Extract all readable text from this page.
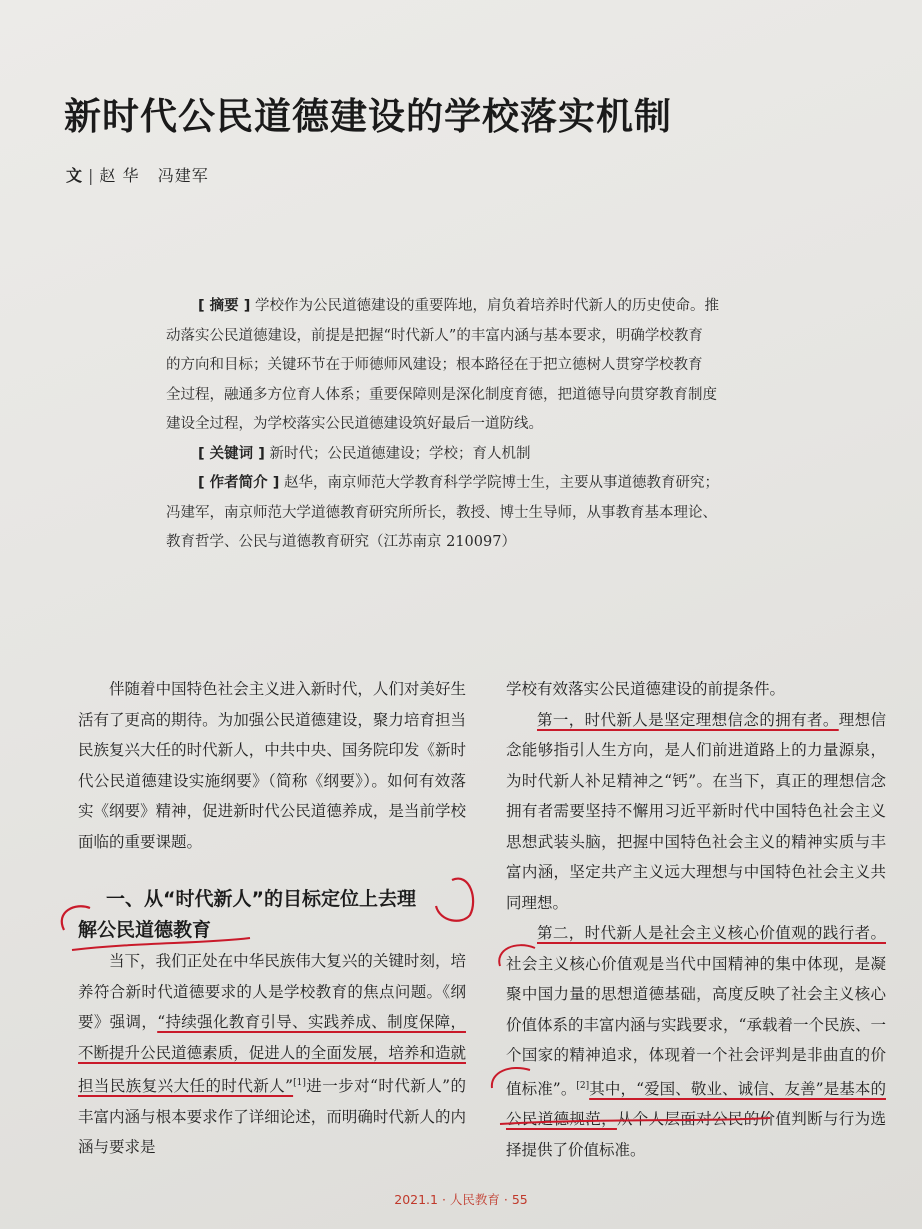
新时代公民道德建设的学校落实机制
文 | 赵 华   冯建军

[ 摘要 ] 学校作为公民道德建设的重要阵地，肩负着培养时代新人的历史使命。推

动落实公民道德建设，前提是把握“时代新人”的丰富内涵与基本要求，明确学校教育

的方向和目标；关键环节在于师德师风建设；根本路径在于把立德树人贯穿学校教育

全过程，融通多方位育人体系；重要保障则是深化制度育德，把道德导向贯穿教育制度

建设全过程，为学校落实公民道德建设筑好最后一道防线。

[ 关键词 ] 新时代；公民道德建设；学校；育人机制

[ 作者简介 ] 赵华，南京师范大学教育科学学院博士生，主要从事道德教育研究；

冯建军，南京师范大学道德教育研究所所长，教授、博士生导师，从事教育基本理论、

教育哲学、公民与道德教育研究（江苏南京 210097）

伴随着中国特色社会主义进入新时代，人们对美好生活有了更高的期待。为加强公民道德建设，聚力培育担当民族复兴大任的时代新人，中共中央、国务院印发《新时代公民道德建设实施纲要》（简称《纲要》）。如何有效落实《纲要》精神，促进新时代公民道德养成，是当前学校面临的重要课题。

一、从“时代新人”的目标定位上去理
解公民道德教育

当下，我们正处在中华民族伟大复兴的关键时刻，培养符合新时代道德要求的人是学校教育的焦点问题。《纲要》强调，“持续强化教育引导、实践养成、制度保障，不断提升公民道德素质，促进人的全面发展，培养和造就担当民族复兴大任的时代新人”[1]进一步对“时代新人”的丰富内涵与根本要求作了详细论述，而明确时代新人的内涵与要求是

学校有效落实公民道德建设的前提条件。

第一，时代新人是坚定理想信念的拥有者。理想信念能够指引人生方向，是人们前进道路上的力量源泉，为时代新人补足精神之“钙”。在当下，真正的理想信念拥有者需要坚持不懈用习近平新时代中国特色社会主义思想武装头脑，把握中国特色社会主义的精神实质与丰富内涵，坚定共产主义远大理想与中国特色社会主义共同理想。

第二，时代新人是社会主义核心价值观的践行者。社会主义核心价值观是当代中国精神的集中体现，是凝聚中国力量的思想道德基础，高度反映了社会主义核心价值体系的丰富内涵与实践要求，“承载着一个民族、一个国家的精神追求，体现着一个社会评判是非曲直的价值标准”。[2]其中，“爱国、敬业、诚信、友善”是基本的公民道德规范，从个人层面对公民的价值判断与行为选择提供了价值标准。

2021.1 · 人民教育 · 55
